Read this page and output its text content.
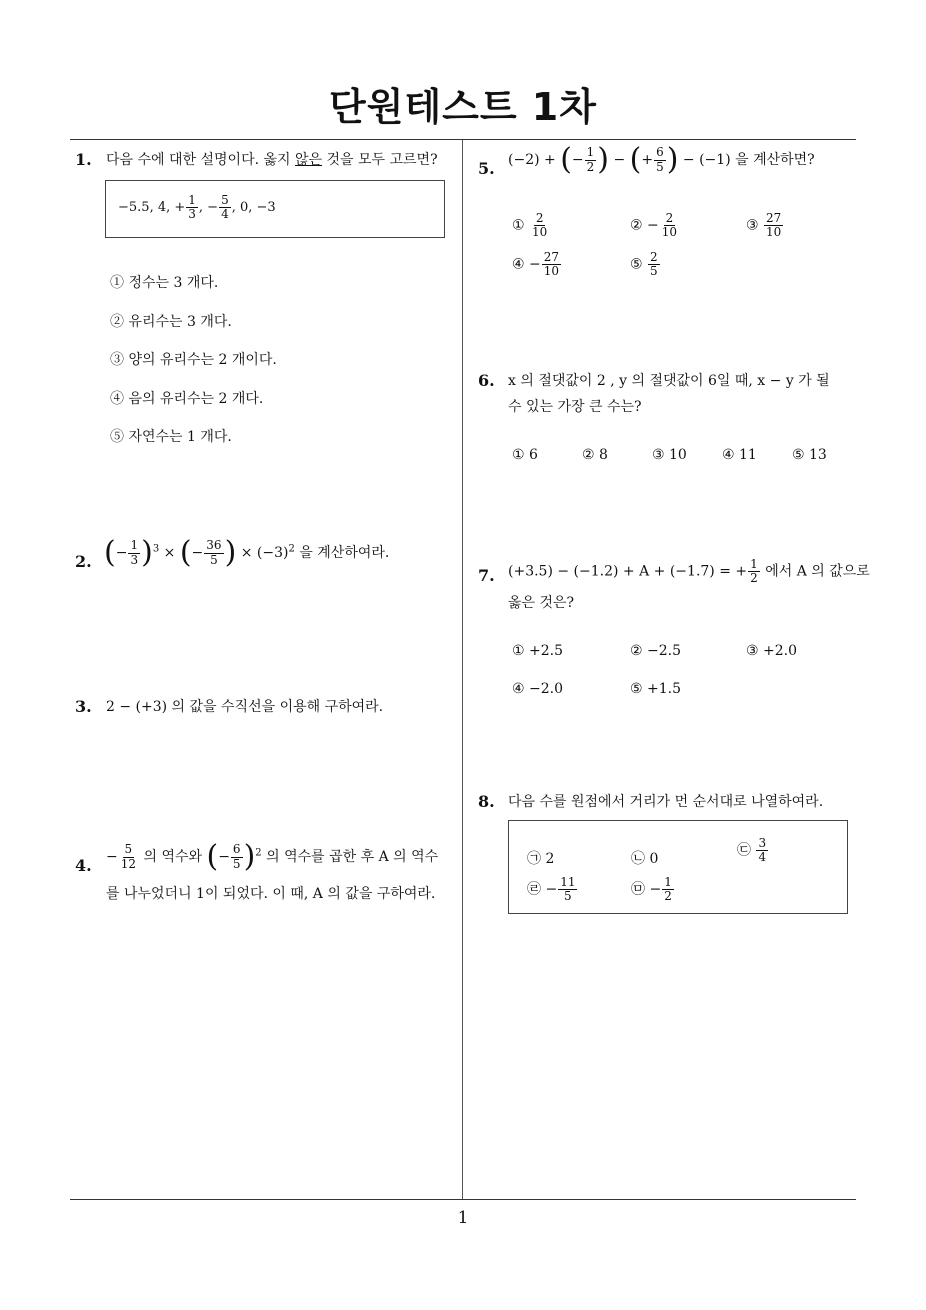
단원테스트 1차
1
1. 다음 수에 대한 설명이다. 옳지 않은 것을 모두 고르면?
−5.5, 4, + $\frac{1}{3}$ , − $\frac{5}{4}$ , 0, −3
① 정수는 3 개다.
② 유리수는 3 개다.
③ 양의 유리수는 2 개이다.
④ 음의 유리수는 2 개다.
⑤ 자연수는 1 개다.
2. (− $\frac{1}{3} )^3$ × (− $\frac{36}{5}$ ) × $(-3)^2$ 을 계산하여라.
3. 2 − (+3) 의 값을 수직선을 이용해 구하여라.
4. − $\frac{5}{12}$ 의 역수와 (− $\frac{6}{5} )^2$ 의 역수를 곱한 후 A 의 역수
를 나누었더니 1이 되었다. 이 때, A 의 값을 구하여라.
5. (−2) + (− $\frac{1}{2}$ ) − (+ $\frac{6}{5}$ ) − (−1) 을 계산하면?
① $\frac{2}{10}$	② − $\frac{2}{10}$	③ $\frac{27}{10}$
④ − $\frac{27}{10}$	⑤ $\frac{2}{5}$
6. x 의 절댓값이 2 , y 의 절댓값이 6일 때, x − y 가 될
수 있는 가장 큰 수는?
① 6	② 8	③ 10	④ 11	⑤ 13
7. (+3.5) − (−1.2) + A + (−1.7) = + $\frac{1}{2}$ 에서 A 의 값으로
옳은 것은?
① +2.5	② −2.5	③ +2.0
④ −2.0	⑤ +1.5
8. 다음 수를 원점에서 거리가 먼 순서대로 나열하여라.
㉠ 2	㉡ 0
㉢ $\frac{3}{4}$
㉣ − $\frac{11}{5}$	㉤ − $\frac{1}{2}$
